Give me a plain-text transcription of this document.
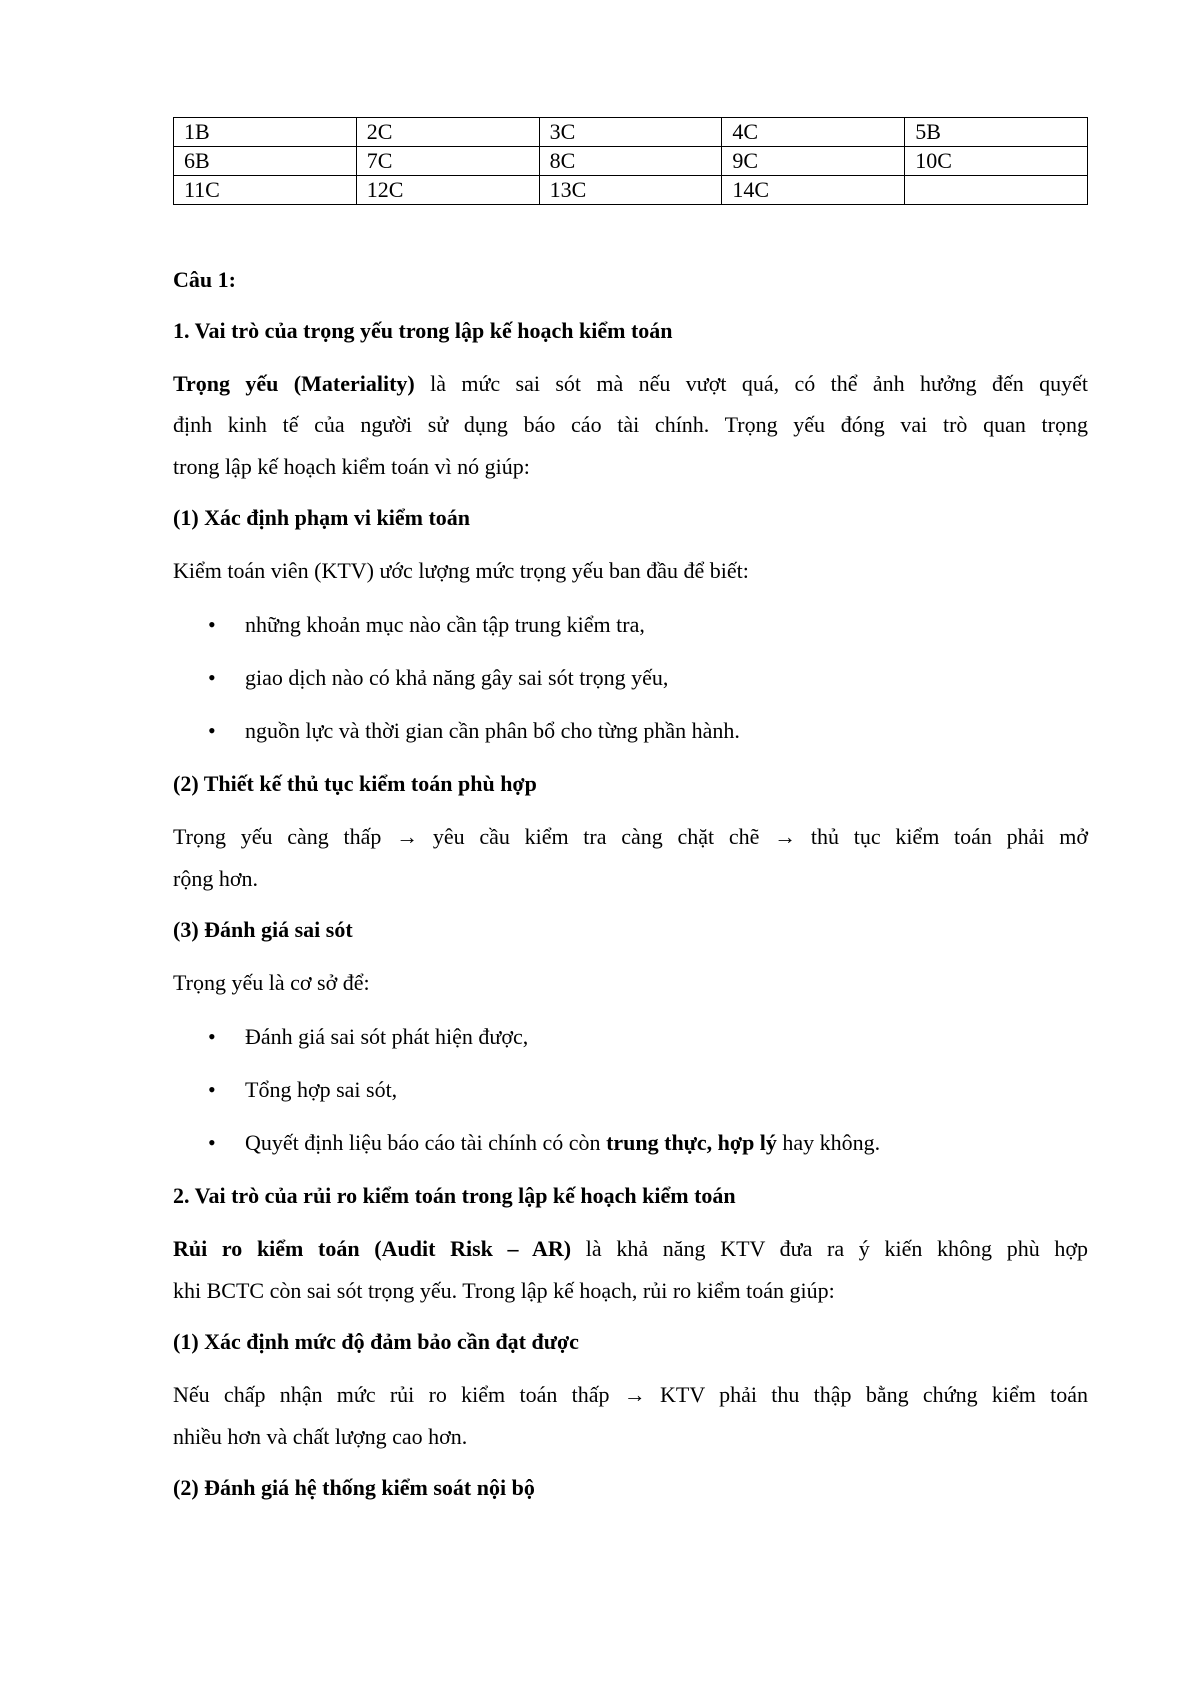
1B	2C	3C	4C	5B
6B	7C	8C	9C	10C
11C	12C	13C	14C	
Câu 1:
1. Vai trò của trọng yếu trong lập kế hoạch kiểm toán
Trọng yếu (Materiality) là mức sai sót mà nếu vượt quá, có thể ảnh hưởng đến quyết
định kinh tế của người sử dụng báo cáo tài chính. Trọng yếu đóng vai trò quan trọng
trong lập kế hoạch kiểm toán vì nó giúp:
(1) Xác định phạm vi kiểm toán
Kiểm toán viên (KTV) ước lượng mức trọng yếu ban đầu để biết:
• những khoản mục nào cần tập trung kiểm tra,
• giao dịch nào có khả năng gây sai sót trọng yếu,
• nguồn lực và thời gian cần phân bổ cho từng phần hành.
(2) Thiết kế thủ tục kiểm toán phù hợp
Trọng yếu càng thấp → yêu cầu kiểm tra càng chặt chẽ → thủ tục kiểm toán phải mở
rộng hơn.
(3) Đánh giá sai sót
Trọng yếu là cơ sở để:
• Đánh giá sai sót phát hiện được,
• Tổng hợp sai sót,
• Quyết định liệu báo cáo tài chính có còn trung thực, hợp lý hay không.
2. Vai trò của rủi ro kiểm toán trong lập kế hoạch kiểm toán
Rủi ro kiểm toán (Audit Risk – AR) là khả năng KTV đưa ra ý kiến không phù hợp
khi BCTC còn sai sót trọng yếu. Trong lập kế hoạch, rủi ro kiểm toán giúp:
(1) Xác định mức độ đảm bảo cần đạt được
Nếu chấp nhận mức rủi ro kiểm toán thấp → KTV phải thu thập bằng chứng kiểm toán
nhiều hơn và chất lượng cao hơn.
(2) Đánh giá hệ thống kiểm soát nội bộ
